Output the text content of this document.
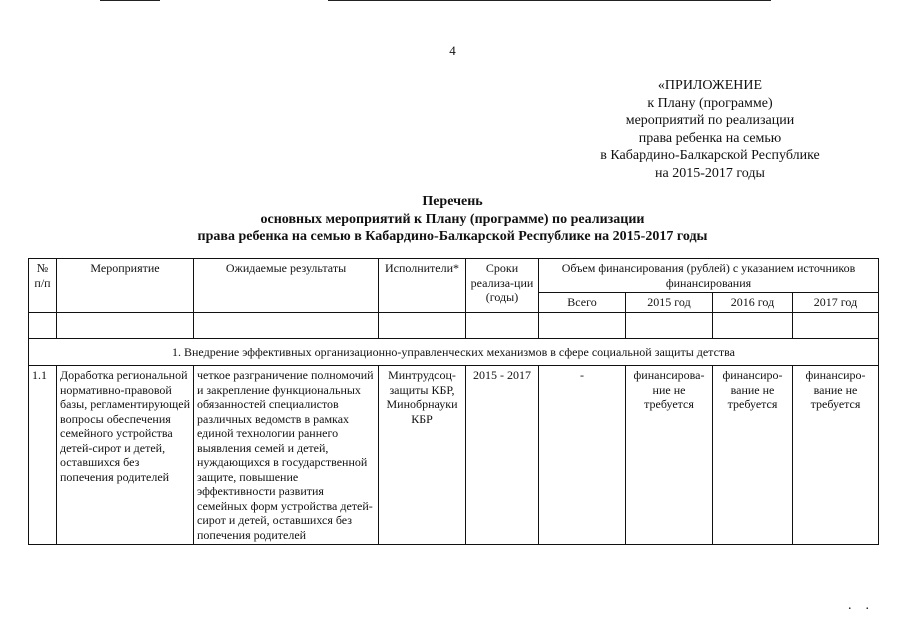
4
«ПРИЛОЖЕНИЕ
к Плану (программе)
мероприятий по реализации
права ребенка на семью
в Кабардино-Балкарской Республике
на 2015-2017 годы
Перечень
основных мероприятий к Плану (программе) по реализации
права ребенка на семью в Кабардино-Балкарской Республике на 2015-2017 годы
№ п/п	Мероприятие	Ожидаемые результаты	Исполнители*	Сроки реализа-ции (годы)	Объем финансирования (рублей) с указанием источников финансирования			
					Всего	2015 год	2016 год	2017 год

1. Внедрение эффективных организационно-управленческих механизмов в сфере социальной защиты детства								
1.1	Доработка региональной нормативно-правовой базы, регламентирующей вопросы обеспечения семейного устройства детей-сирот и детей, оставшихся без попечения родителей	четкое разграничение полномочий и закрепление функциональных обязанностей специалистов различных ведомств в рамках единой технологии раннего выявления семей и детей, нуждающихся в государственной защите, повышение эффективности развития семейных форм устройства детей-сирот и детей, оставшихся без попечения родителей	Минтрудсоц-защиты КБР, Минобрнауки КБР	2015 - 2017	-	финансирова-ние не требуется	финансиро-вание не требуется	финансиро-вание не требуется
..
